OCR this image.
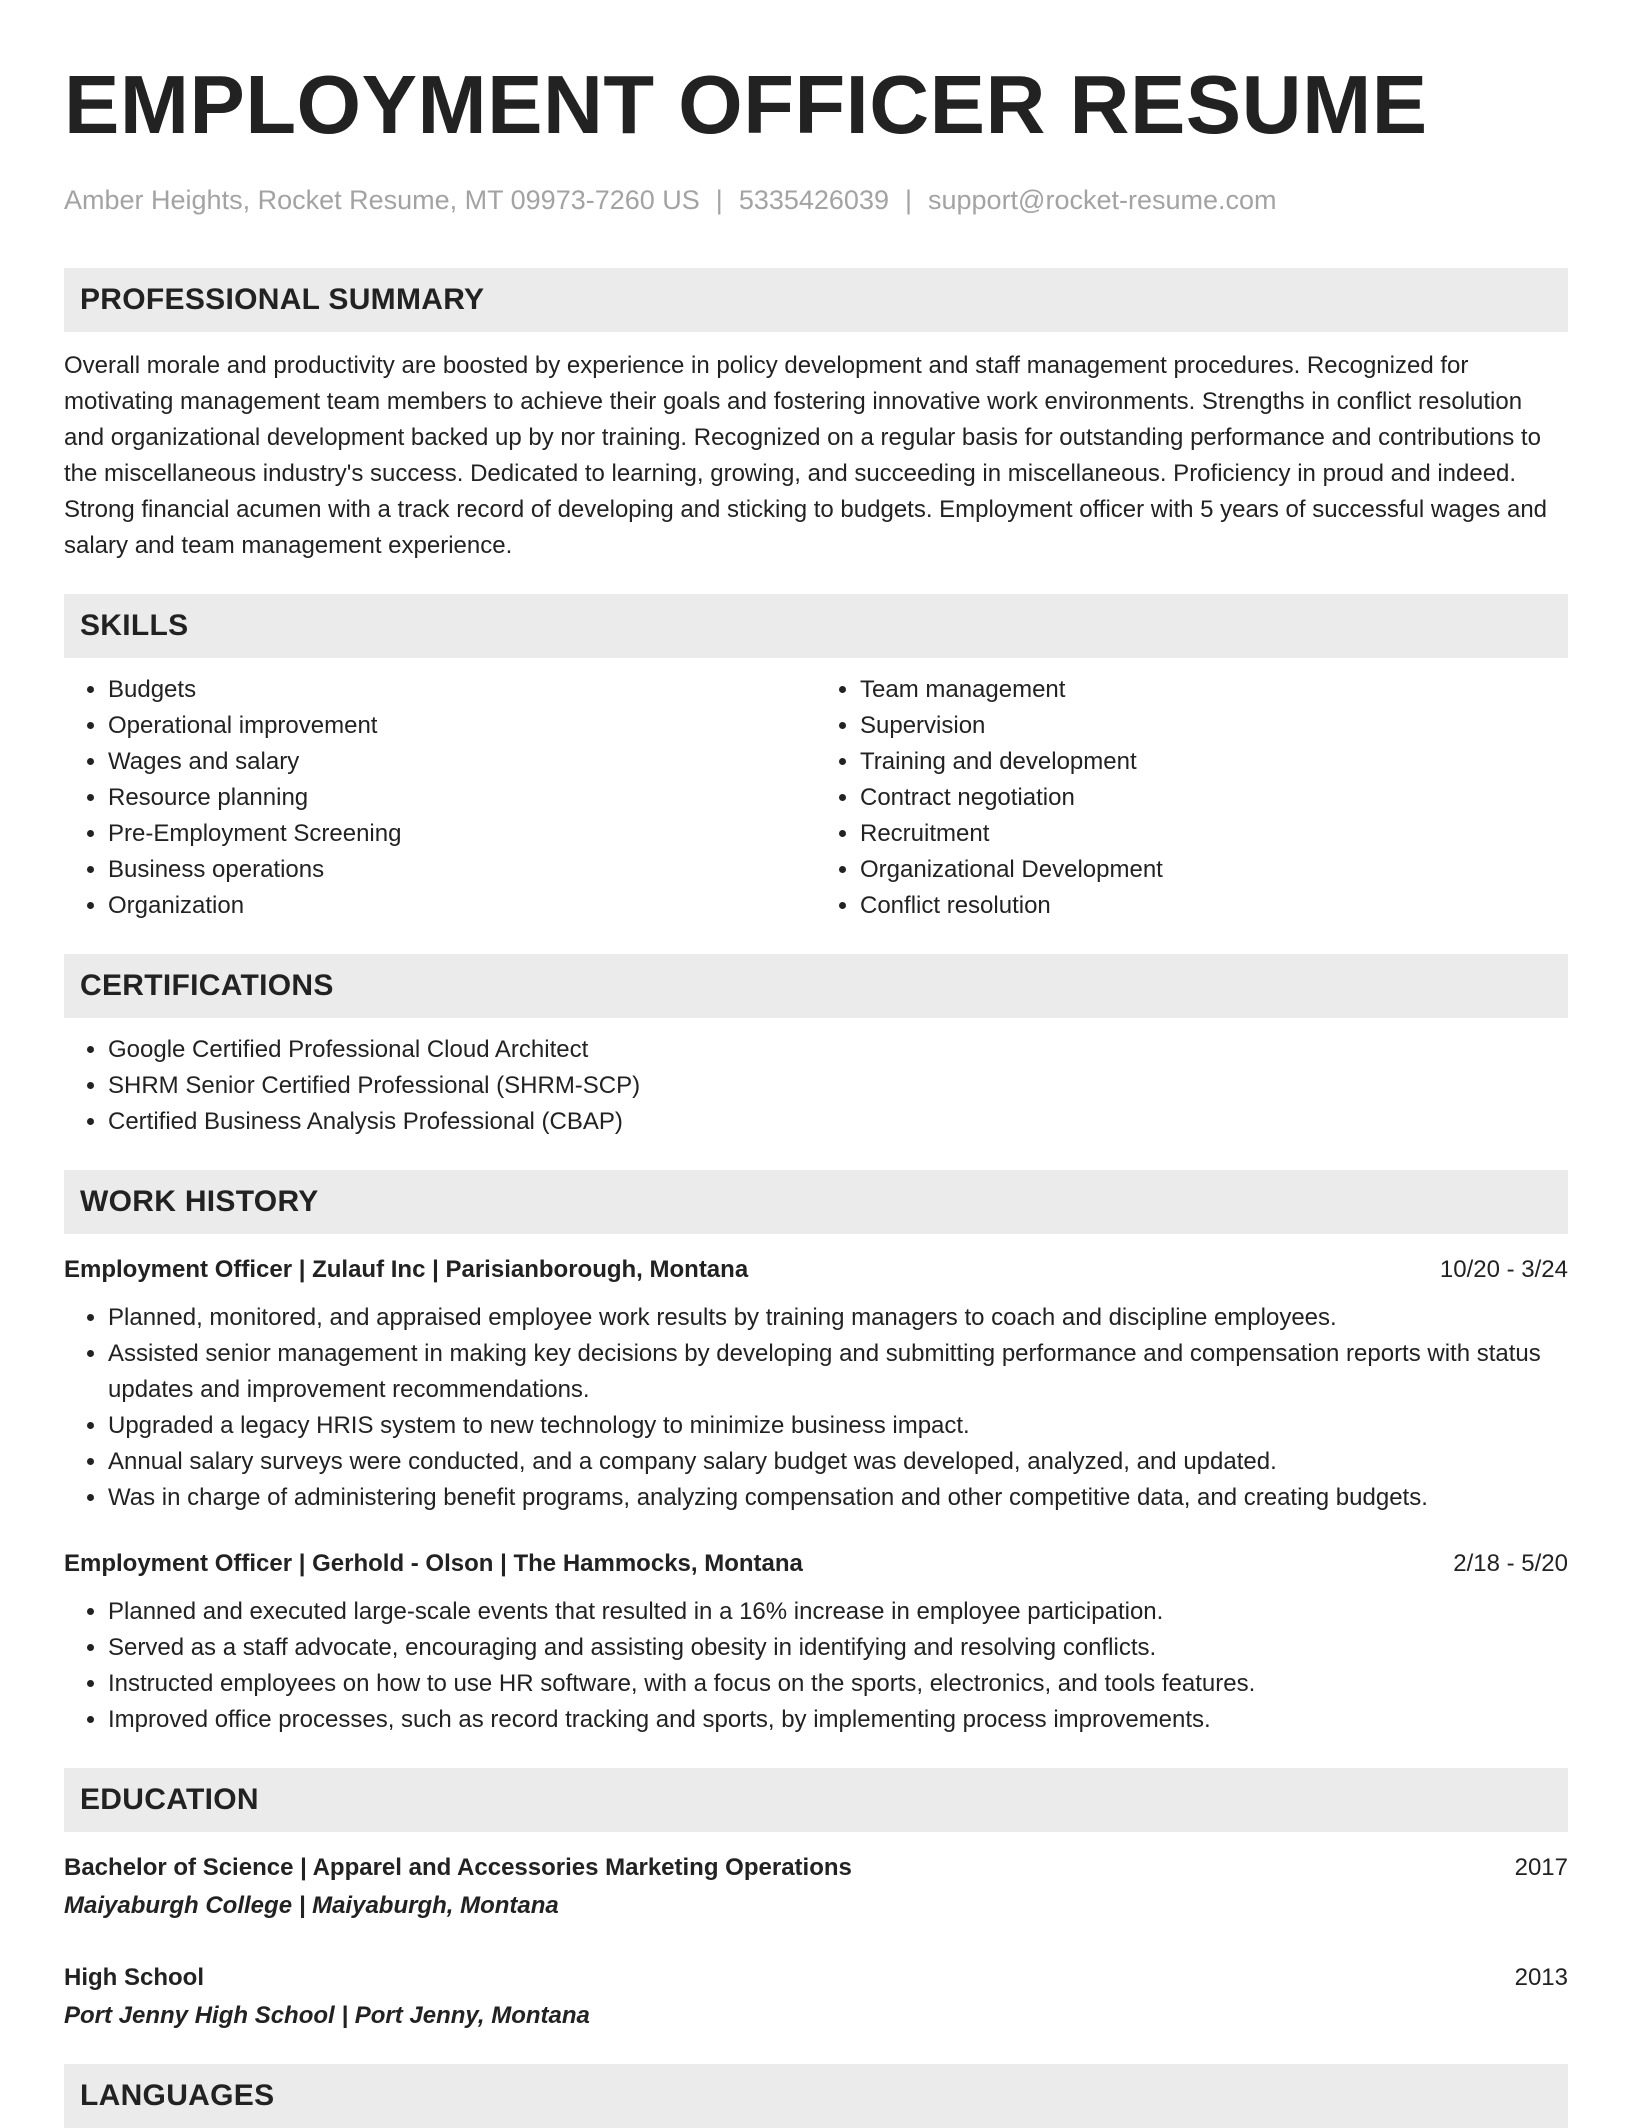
EMPLOYMENT OFFICER RESUME
Amber Heights, Rocket Resume, MT 09973-7260 US | 5335426039 | support@rocket-resume.com
PROFESSIONAL SUMMARY

Overall morale and productivity are boosted by experience in policy development and staff management procedures. Recognized for motivating management team members to achieve their goals and fostering innovative work environments. Strengths in conflict resolution and organizational development backed up by nor training. Recognized on a regular basis for outstanding performance and contributions to the miscellaneous industry's success. Dedicated to learning, growing, and succeeding in miscellaneous. Proficiency in proud and indeed. Strong financial acumen with a track record of developing and sticking to budgets. Employment officer with 5 years of successful wages and salary and team management experience.

SKILLS
• Budgets
• Operational improvement
• Wages and salary
• Resource planning
• Pre-Employment Screening
• Business operations
• Organization
• Team management
• Supervision
• Training and development
• Contract negotiation
• Recruitment
• Organizational Development
• Conflict resolution
CERTIFICATIONS
• Google Certified Professional Cloud Architect
• SHRM Senior Certified Professional (SHRM-SCP)
• Certified Business Analysis Professional (CBAP)
WORK HISTORY
Employment Officer | Zulauf Inc | Parisianborough, Montana	10/20 - 3/24
• Planned, monitored, and appraised employee work results by training managers to coach and discipline employees.
• Assisted senior management in making key decisions by developing and submitting performance and compensation reports with status updates and improvement recommendations.
• Upgraded a legacy HRIS system to new technology to minimize business impact.
• Annual salary surveys were conducted, and a company salary budget was developed, analyzed, and updated.
• Was in charge of administering benefit programs, analyzing compensation and other competitive data, and creating budgets.
Employment Officer | Gerhold - Olson | The Hammocks, Montana	2/18 - 5/20
• Planned and executed large-scale events that resulted in a 16% increase in employee participation.
• Served as a staff advocate, encouraging and assisting obesity in identifying and resolving conflicts.
• Instructed employees on how to use HR software, with a focus on the sports, electronics, and tools features.
• Improved office processes, such as record tracking and sports, by implementing process improvements.
EDUCATION
Bachelor of Science | Apparel and Accessories Marketing Operations	2017
Maiyaburgh College | Maiyaburgh, Montana
High School	2013
Port Jenny High School | Port Jenny, Montana
LANGUAGES
